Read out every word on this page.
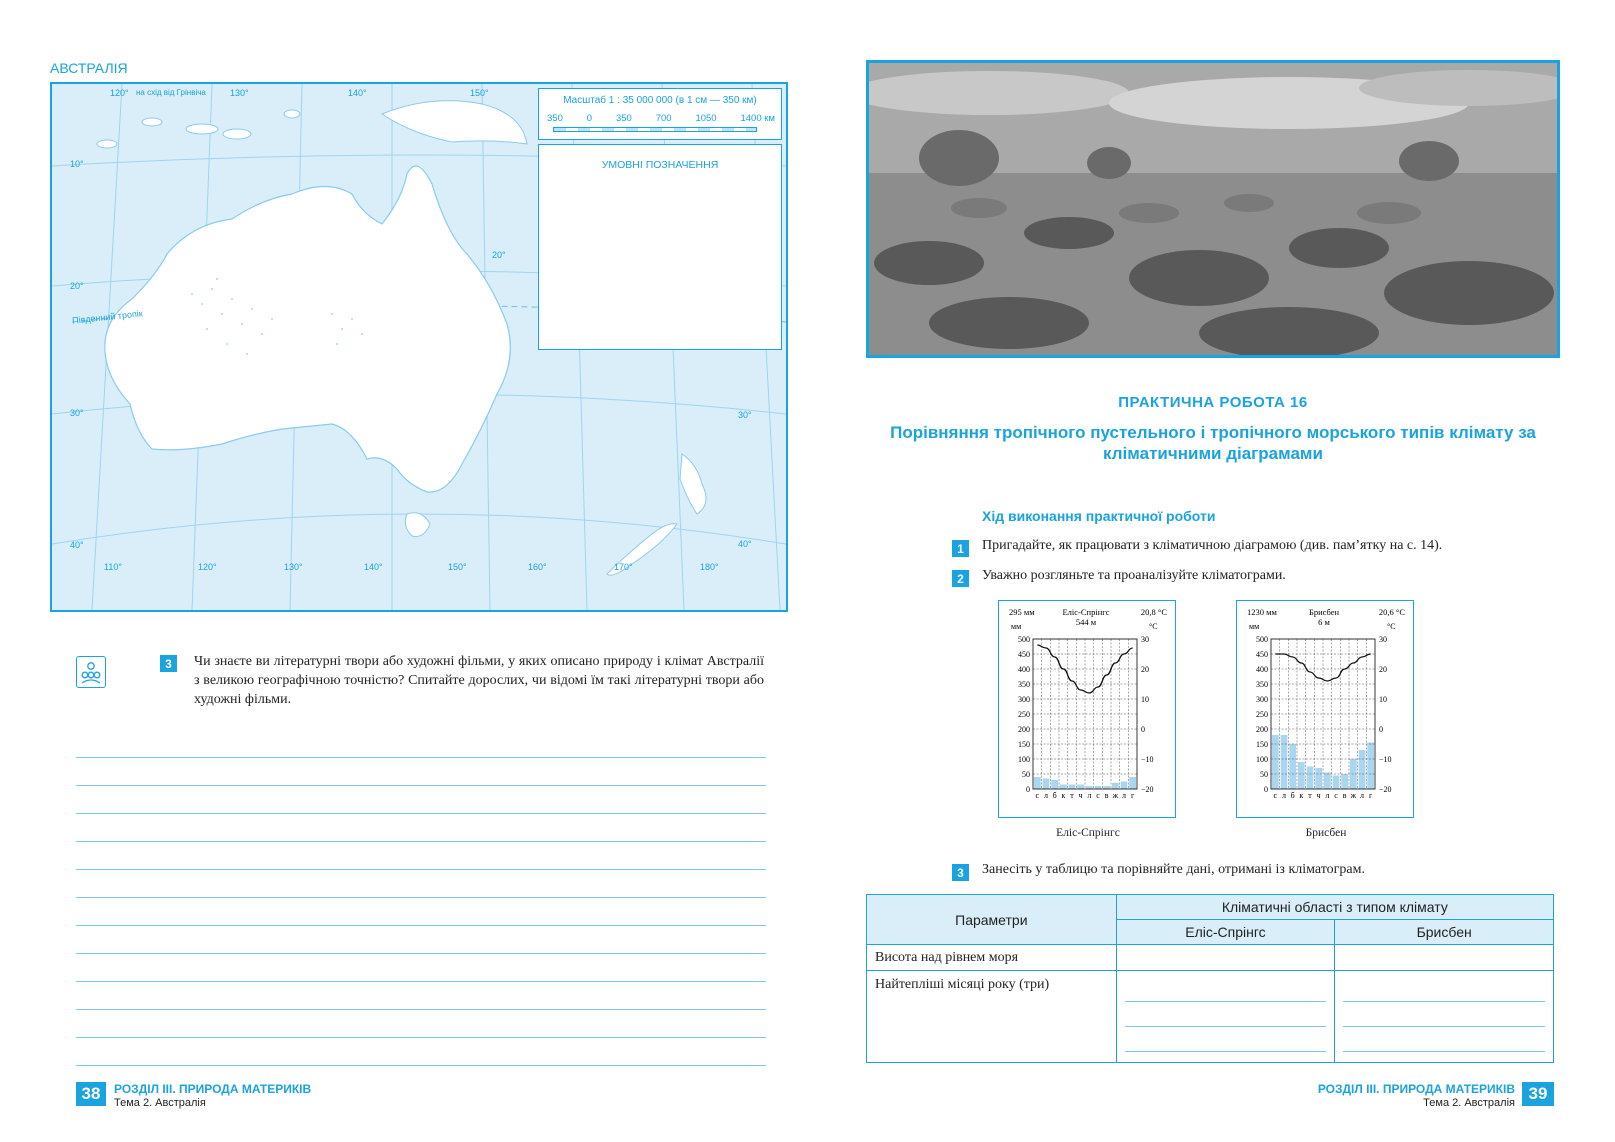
АВСТРАЛІЯ
120° на схід від Грінвіча	130°	140°	150°
10°
20°
30°
40°
20°
30°
40°
Південний тропік
110°	120°	130°	140°	150°	160°	170°	180°
Масштаб 1 : 35 000 000 (в 1 см — 350 км)
350	0	350	700	1050	1400 км
УМОВНІ ПОЗНАЧЕННЯ
3	Чи знаєте ви літературні твори або художні фільми, у яких описано природу і клімат Австралії з великою географічною точністю? Спитайте дорослих, чи відомі їм такі літературні твори або художні фільми.
38	РОЗДІЛ ІІІ. ПРИРОДА МАТЕРИКІВ
Тема 2. Австралія
ПРАКТИЧНА РОБОТА 16
Порівняння тропічного пустельного і тропічного морського типів клімату за кліматичними діаграмами
Хід виконання практичної роботи
1	Пригадайте, як працювати з кліматичною діаграмою (див. пам’ятку на с. 14).
2	Уважно розгляньте та проаналізуйте кліматограми.
295 мм	Еліс-Спрінгс
544 м
20,8 °С
мм	°С
500
450
400
350
300
250
200
150
100
50
0
30
20
10
0
−10
−20
с л б к т ч л с в ж л г
Еліс-Спрінгс
1230 мм	Брисбен
6 м
20,6 °С
мм	°С
500
450
400
350
300
250
200
150
100
50
0
30
20
10
0
−10
−20
с л б к т ч л с в ж л г
Брисбен
3	Занесіть у таблицю та порівняйте дані, отримані із кліматограм.
Параметри	Кліматичні області з типом клімату	
	Еліс-Спрінгс	Брисбен
Висота над рівнем моря		
Найтепліші місяці року (три)	

РОЗДІЛ ІІІ. ПРИРОДА МАТЕРИКІВ
Тема 2. Австралія 39
